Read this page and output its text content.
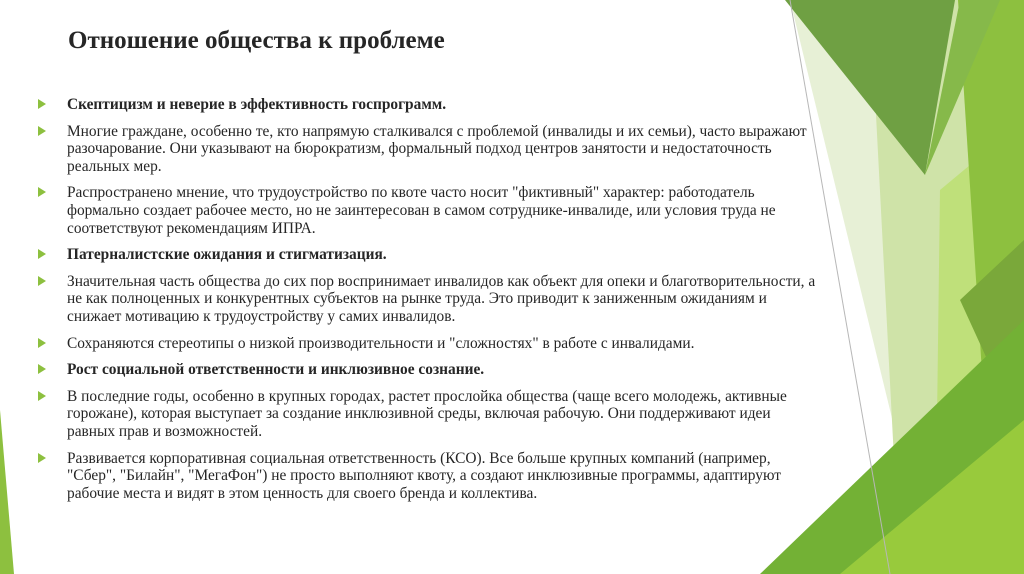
Отношение общества к проблеме
Скептицизм и неверие в эффективность госпрограмм.
Многие граждане, особенно те, кто напрямую сталкивался с проблемой (инвалиды и их семьи), часто выражают разочарование. Они указывают на бюрократизм, формальный подход центров занятости и недостаточность реальных мер.
Распространено мнение, что трудоустройство по квоте часто носит "фиктивный" характер: работодатель формально создает рабочее место, но не заинтересован в самом сотруднике-инвалиде, или условия труда не соответствуют рекомендациям ИПРА.
Патерналистские ожидания и стигматизация.
Значительная часть общества до сих пор воспринимает инвалидов как объект для опеки и благотворительности, а не как полноценных и конкурентных субъектов на рынке труда. Это приводит к заниженным ожиданиям и снижает мотивацию к трудоустройству у самих инвалидов.
Сохраняются стереотипы о низкой производительности и "сложностях" в работе с инвалидами.
Рост социальной ответственности и инклюзивное сознание.
В последние годы, особенно в крупных городах, растет прослойка общества (чаще всего молодежь, активные горожане), которая выступает за создание инклюзивной среды, включая рабочую. Они поддерживают идеи равных прав и возможностей.
Развивается корпоративная социальная ответственность (КСО). Все больше крупных компаний (например, "Сбер", "Билайн", "МегаФон") не просто выполняют квоту, а создают инклюзивные программы, адаптируют рабочие места и видят в этом ценность для своего бренда и коллектива.
